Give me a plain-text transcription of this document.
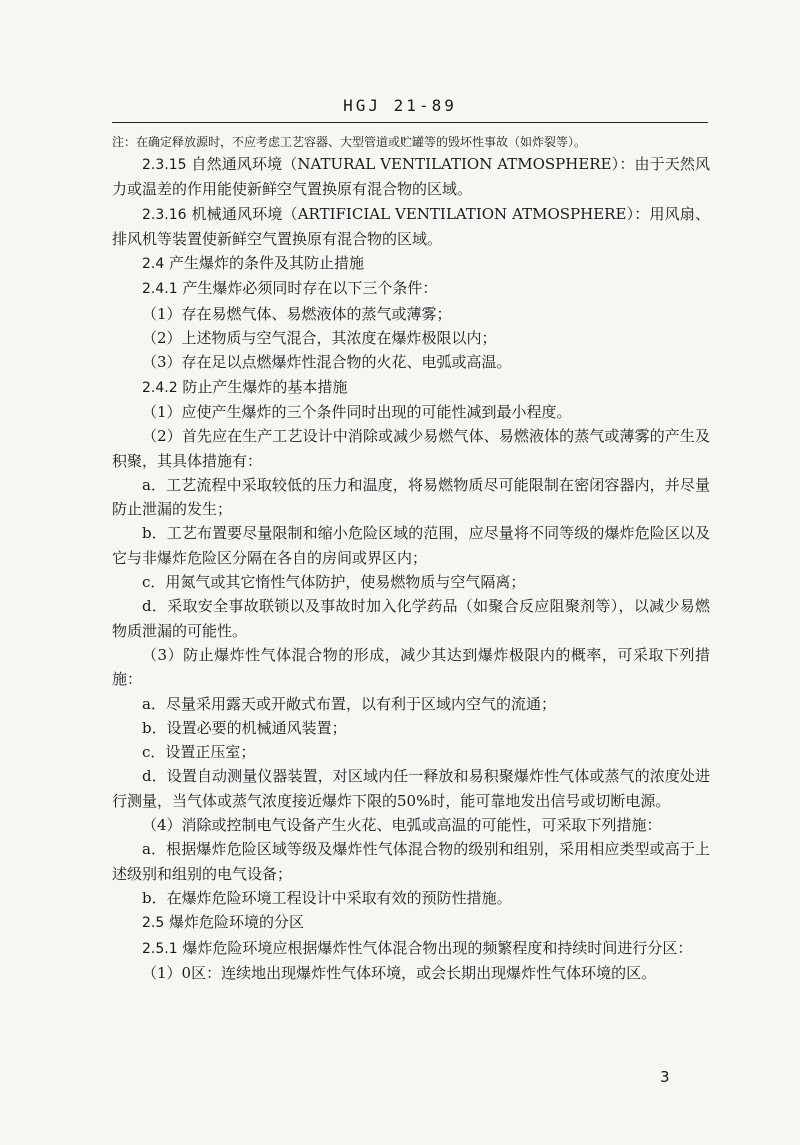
HGJ 21-89
注：在确定释放源时，不应考虑工艺容器、大型管道或贮罐等的毁坏性事故（如炸裂等）。

2.3.15 自然通风环境（NATURAL VENTILATION ATMOSPHERE）：由于天然风力或温差的作用能使新鲜空气置换原有混合物的区域。

2.3.16 机械通风环境（ARTIFICIAL VENTILATION ATMOSPHERE）：用风扇、排风机等装置使新鲜空气置换原有混合物的区域。

2.4 产生爆炸的条件及其防止措施

2.4.1 产生爆炸必须同时存在以下三个条件：

（1）存在易燃气体、易燃液体的蒸气或薄雾；

（2）上述物质与空气混合，其浓度在爆炸极限以内；

（3）存在足以点燃爆炸性混合物的火花、电弧或高温。

2.4.2 防止产生爆炸的基本措施

（1）应使产生爆炸的三个条件同时出现的可能性减到最小程度。

（2）首先应在生产工艺设计中消除或减少易燃气体、易燃液体的蒸气或薄雾的产生及积聚，其具体措施有：

a．工艺流程中采取较低的压力和温度，将易燃物质尽可能限制在密闭容器内，并尽量防止泄漏的发生；

b．工艺布置要尽量限制和缩小危险区域的范围，应尽量将不同等级的爆炸危险区以及它与非爆炸危险区分隔在各自的房间或界区内；

c．用氮气或其它惰性气体防护，使易燃物质与空气隔离；

d．采取安全事故联锁以及事故时加入化学药品（如聚合反应阻聚剂等），以减少易燃物质泄漏的可能性。

（3）防止爆炸性气体混合物的形成，减少其达到爆炸极限内的概率，可采取下列措施：

a．尽量采用露天或开敞式布置，以有利于区域内空气的流通；

b．设置必要的机械通风装置；

c．设置正压室；

d．设置自动测量仪器装置，对区域内任一释放和易积聚爆炸性气体或蒸气的浓度处进行测量，当气体或蒸气浓度接近爆炸下限的50%时，能可靠地发出信号或切断电源。

（4）消除或控制电气设备产生火花、电弧或高温的可能性，可采取下列措施：

a．根据爆炸危险区域等级及爆炸性气体混合物的级别和组别，采用相应类型或高于上述级别和组别的电气设备；

b．在爆炸危险环境工程设计中采取有效的预防性措施。

2.5 爆炸危险环境的分区

2.5.1 爆炸危险环境应根据爆炸性气体混合物出现的频繁程度和持续时间进行分区：

（1）0区：连续地出现爆炸性气体环境，或会长期出现爆炸性气体环境的区。

3
